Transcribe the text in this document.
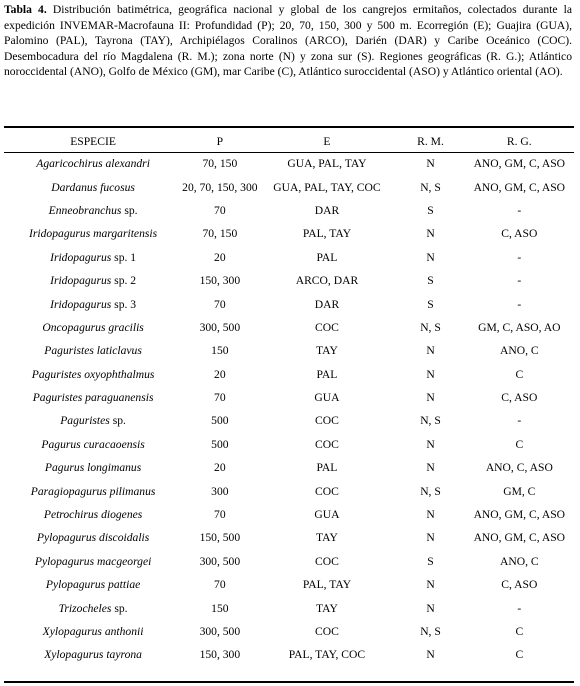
Tabla 4. Distribución batimétrica, geográfica nacional y global de los cangrejos ermitaños, colectados durante la expedición INVEMAR-Macrofauna II: Profundidad (P); 20, 70, 150, 300 y 500 m. Ecorregión (E); Guajira (GUA), Palomino (PAL), Tayrona (TAY), Archipiélagos Coralinos (ARCO), Darién (DAR) y Caribe Oceánico (COC). Desembocadura del río Magdalena (R. M.); zona norte (N) y zona sur (S). Regiones geográficas (R. G.); Atlántico noroccidental (ANO), Golfo de México (GM), mar Caribe (C), Atlántico suroccidental (ASO) y Atlántico oriental (AO).
ESPECIE	P	E	R. M.	R. G.
Agaricochirus alexandri	70, 150	GUA, PAL, TAY	N	ANO, GM, C, ASO
Dardanus fucosus	20, 70, 150, 300	GUA, PAL, TAY, COC	N, S	ANO, GM, C, ASO
Enneobranchus sp.	70	DAR	S	-
Iridopagurus margaritensis	70, 150	PAL, TAY	N	C, ASO
Iridopagurus sp. 1	20	PAL	N	-
Iridopagurus sp. 2	150, 300	ARCO, DAR	S	-
Iridopagurus sp. 3	70	DAR	S	-
Oncopagurus gracilis	300, 500	COC	N, S	GM, C, ASO, AO
Paguristes laticlavus	150	TAY	N	ANO, C
Paguristes oxyophthalmus	20	PAL	N	C
Paguristes paraguanensis	70	GUA	N	C, ASO
Paguristes sp.	500	COC	N, S	-
Pagurus curacaoensis	500	COC	N	C
Pagurus longimanus	20	PAL	N	ANO, C, ASO
Paragiopagurus pilimanus	300	COC	N, S	GM, C
Petrochirus diogenes	70	GUA	N	ANO, GM, C, ASO
Pylopagurus discoidalis	150, 500	TAY	N	ANO, GM, C, ASO
Pylopagurus macgeorgei	300, 500	COC	S	ANO, C
Pylopagurus pattiae	70	PAL, TAY	N	C, ASO
Trizocheles sp.	150	TAY	N	-
Xylopagurus anthonii	300, 500	COC	N, S	C
Xylopagurus tayrona	150, 300	PAL, TAY, COC	N	C
